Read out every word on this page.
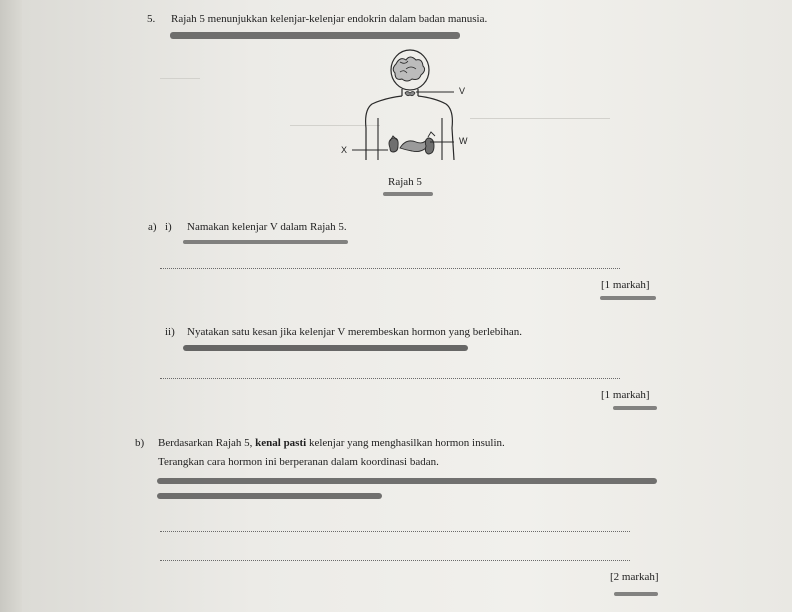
5. Rajah 5 menunjukkan kelenjar-kelenjar endokrin dalam badan manusia.
V
W
X
Rajah 5
a) i) Namakan kelenjar V dalam Rajah 5.
[1 markah]
ii) Nyatakan satu kesan jika kelenjar V merembeskan hormon yang berlebihan.
[1 markah]
b) Berdasarkan Rajah 5, kenal pasti kelenjar yang menghasilkan hormon insulin.
Terangkan cara hormon ini berperanan dalam koordinasi badan.
[2 markah]
